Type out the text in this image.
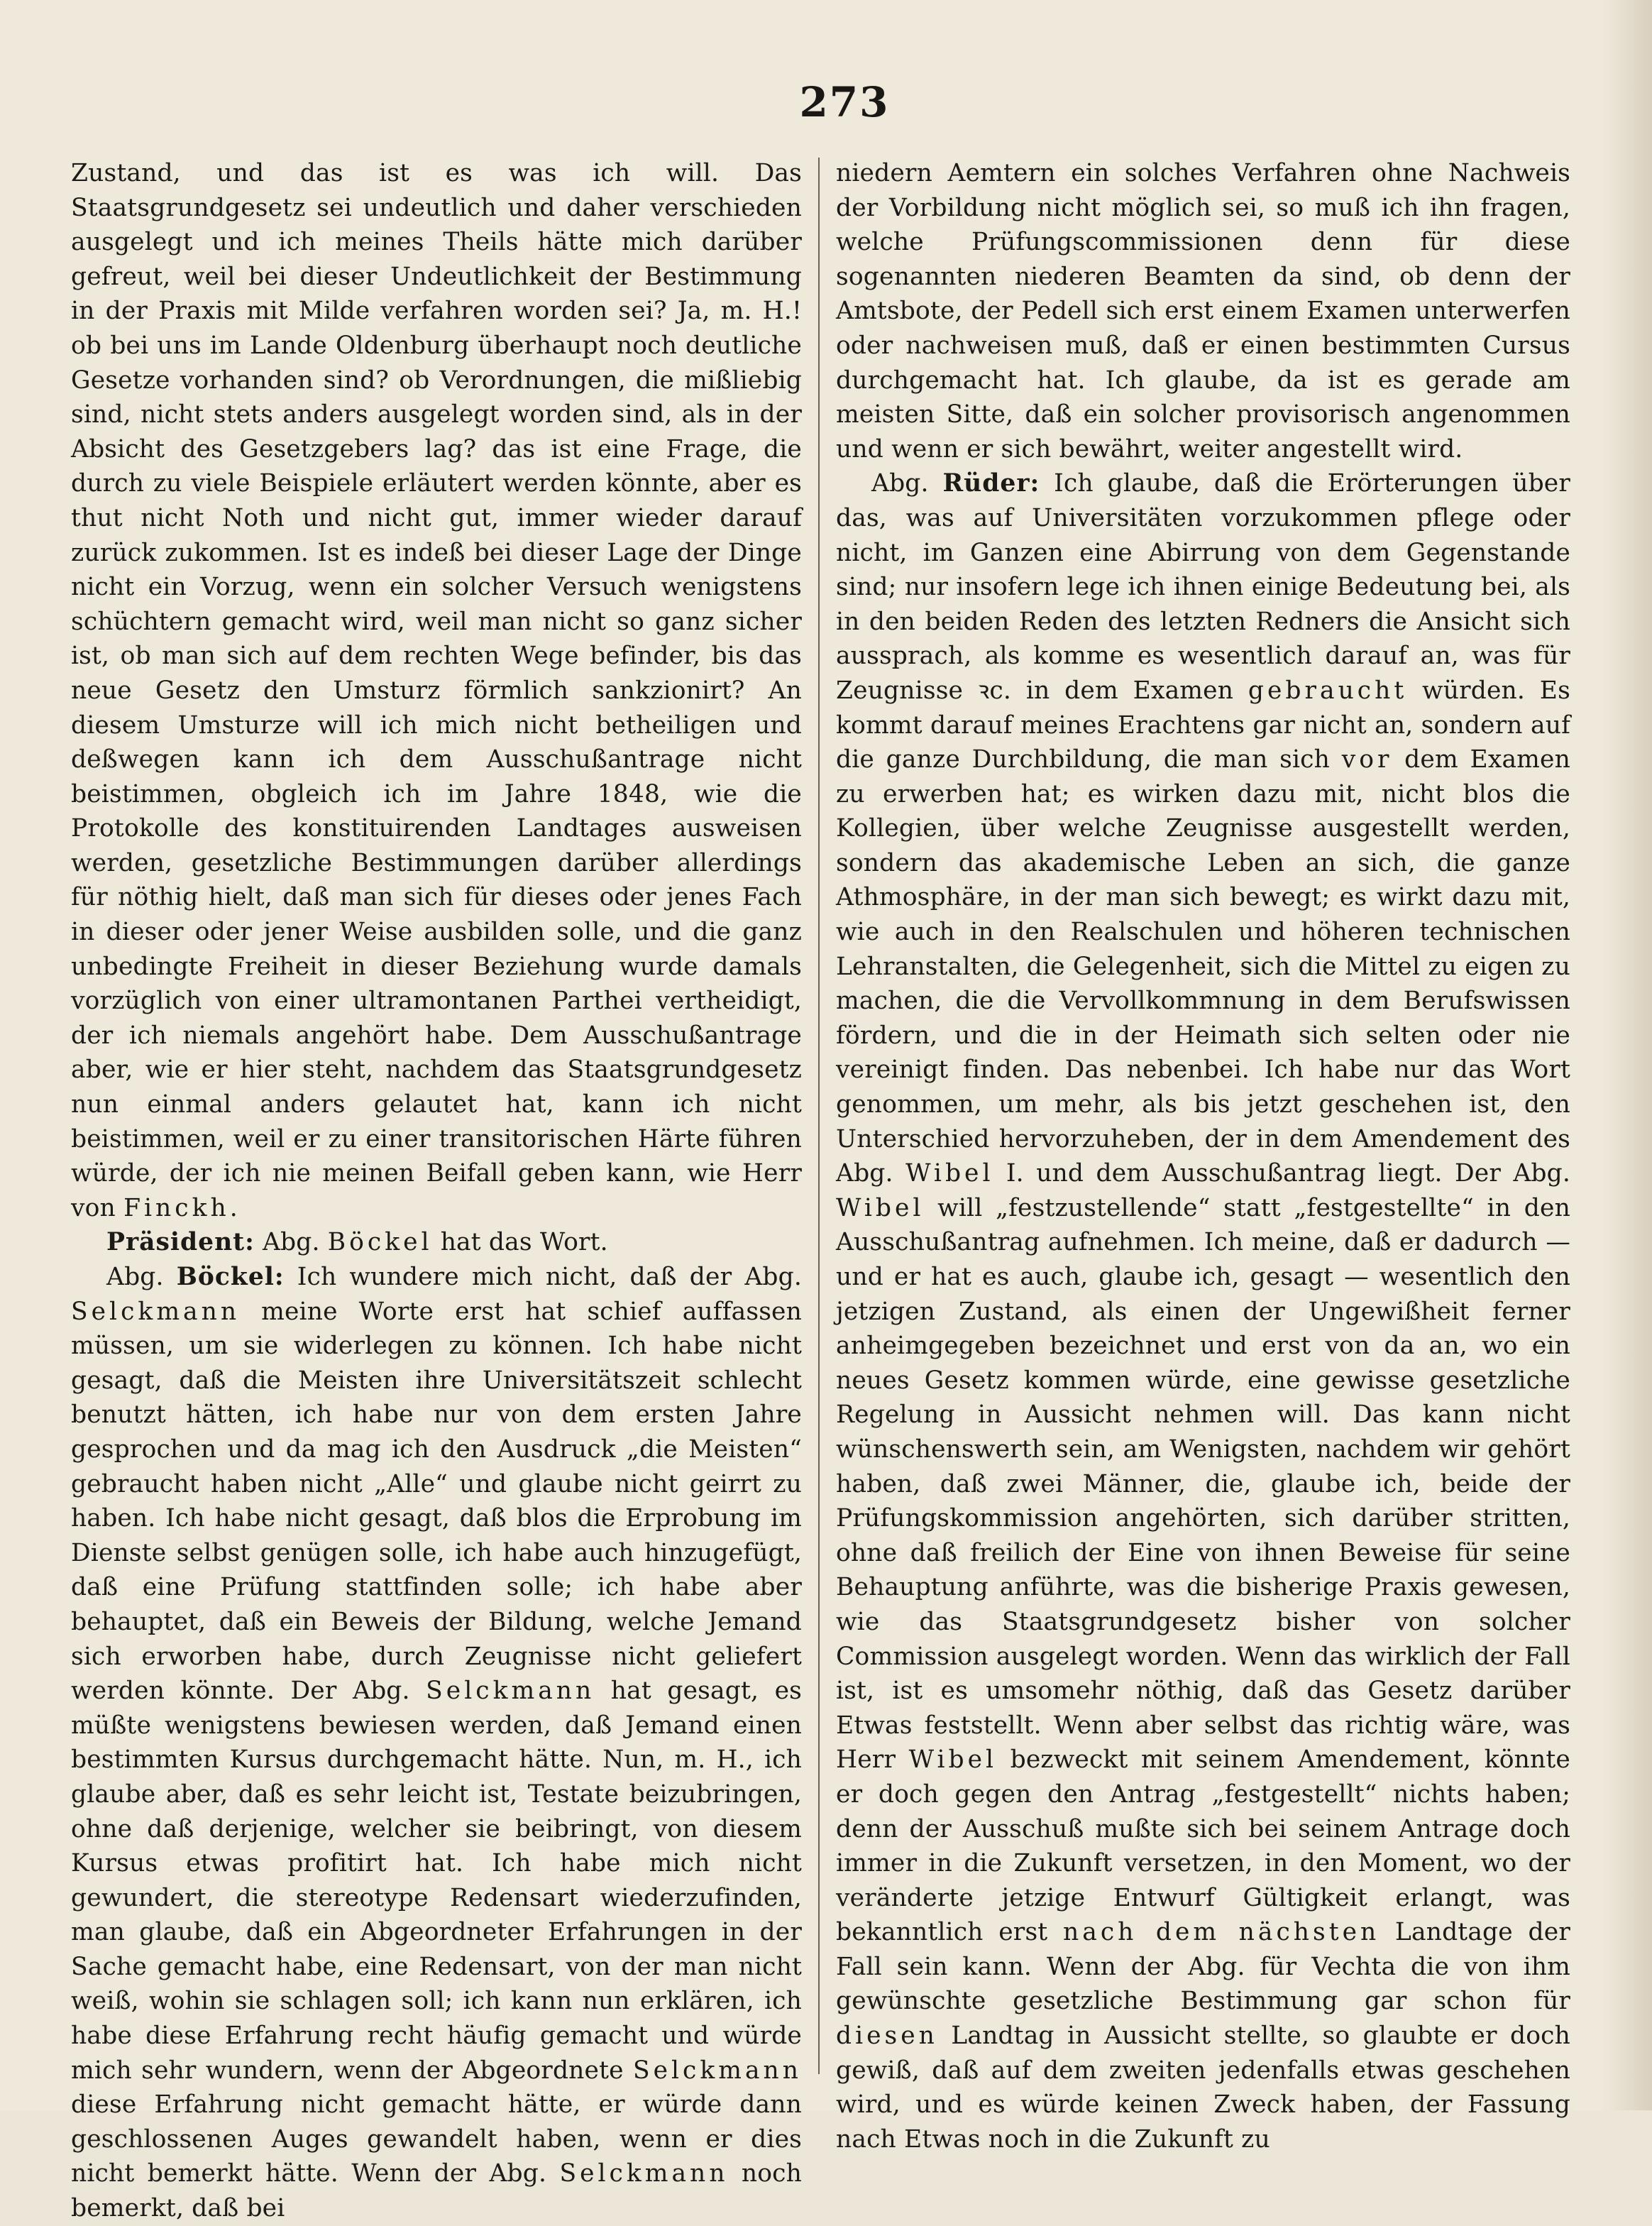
273

Zustand, und das ist es was ich will. Das Staatsgrundgesetz sei undeutlich und daher verschieden ausgelegt und ich meines Theils hätte mich darüber gefreut, weil bei dieser Undeutlichkeit der Bestimmung in der Praxis mit Milde verfahren worden sei? Ja, m. H.! ob bei uns im Lande Oldenburg überhaupt noch deutliche Gesetze vorhanden sind? ob Verordnungen, die mißliebig sind, nicht stets anders ausgelegt worden sind, als in der Absicht des Gesetzgebers lag? das ist eine Frage, die durch zu viele Beispiele erläutert werden könnte, aber es thut nicht Noth und nicht gut, immer wieder darauf zurück zukommen. Ist es indeß bei dieser Lage der Dinge nicht ein Vorzug, wenn ein solcher Versuch wenigstens schüchtern gemacht wird, weil man nicht so ganz sicher ist, ob man sich auf dem rechten Wege befinder, bis das neue Gesetz den Umsturz förmlich sankzionirt? An diesem Umsturze will ich mich nicht betheiligen und deßwegen kann ich dem Ausschußantrage nicht beistimmen, obgleich ich im Jahre 1848, wie die Protokolle des konstituirenden Landtages ausweisen werden, gesetzliche Bestimmungen darüber allerdings für nöthig hielt, daß man sich für dieses oder jenes Fach in dieser oder jener Weise ausbilden solle, und die ganz unbedingte Freiheit in dieser Beziehung wurde damals vorzüglich von einer ultramontanen Parthei vertheidigt, der ich niemals angehört habe. Dem Ausschußantrage aber, wie er hier steht, nachdem das Staatsgrundgesetz nun einmal anders gelautet hat, kann ich nicht beistimmen, weil er zu einer transitorischen Härte führen würde, der ich nie meinen Beifall geben kann, wie Herr von Finckh.

Präsident: Abg. Böckel hat das Wort.

Abg. Böckel: Ich wundere mich nicht, daß der Abg. Selckmann meine Worte erst hat schief auffassen müssen, um sie widerlegen zu können. Ich habe nicht gesagt, daß die Meisten ihre Universitätszeit schlecht benutzt hätten, ich habe nur von dem ersten Jahre gesprochen und da mag ich den Ausdruck „die Meisten“ gebraucht haben nicht „Alle“ und glaube nicht geirrt zu haben. Ich habe nicht gesagt, daß blos die Erprobung im Dienste selbst genügen solle, ich habe auch hinzugefügt, daß eine Prüfung stattfinden solle; ich habe aber behauptet, daß ein Beweis der Bildung, welche Jemand sich erworben habe, durch Zeugnisse nicht geliefert werden könnte. Der Abg. Selckmann hat gesagt, es müßte wenigstens bewiesen werden, daß Jemand einen bestimmten Kursus durchgemacht hätte. Nun, m. H., ich glaube aber, daß es sehr leicht ist, Testate beizubringen, ohne daß derjenige, welcher sie beibringt, von diesem Kursus etwas profitirt hat. Ich habe mich nicht gewundert, die stereotype Redensart wiederzufinden, man glaube, daß ein Abgeordneter Erfahrungen in der Sache gemacht habe, eine Redensart, von der man nicht weiß, wohin sie schlagen soll; ich kann nun erklären, ich habe diese Erfahrung recht häufig gemacht und würde mich sehr wundern, wenn der Abgeordnete Selckmann diese Erfahrung nicht gemacht hätte, er würde dann geschlossenen Auges gewandelt haben, wenn er dies nicht bemerkt hätte. Wenn der Abg. Selckmann noch bemerkt, daß bei

niedern Aemtern ein solches Verfahren ohne Nachweis der Vorbildung nicht möglich sei, so muß ich ihn fragen, welche Prüfungscommissionen denn für diese sogenannten niederen Beamten da sind, ob denn der Amtsbote, der Pedell sich erst einem Examen unterwerfen oder nachweisen muß, daß er einen bestimmten Cursus durchgemacht hat. Ich glaube, da ist es gerade am meisten Sitte, daß ein solcher provisorisch angenommen und wenn er sich bewährt, weiter angestellt wird.

Abg. Rüder: Ich glaube, daß die Erörterungen über das, was auf Universitäten vorzukommen pflege oder nicht, im Ganzen eine Abirrung von dem Gegenstande sind; nur insofern lege ich ihnen einige Bedeutung bei, als in den beiden Reden des letzten Redners die Ansicht sich aussprach, als komme es wesentlich darauf an, was für Zeugnisse ꝛc. in dem Examen gebraucht würden. Es kommt darauf meines Erachtens gar nicht an, sondern auf die ganze Durchbildung, die man sich vor dem Examen zu erwerben hat; es wirken dazu mit, nicht blos die Kollegien, über welche Zeugnisse ausgestellt werden, sondern das akademische Leben an sich, die ganze Athmosphäre, in der man sich bewegt; es wirkt dazu mit, wie auch in den Realschulen und höheren technischen Lehranstalten, die Gelegenheit, sich die Mittel zu eigen zu machen, die die Vervollkommnung in dem Berufswissen fördern, und die in der Heimath sich selten oder nie vereinigt finden. Das nebenbei. Ich habe nur das Wort genommen, um mehr, als bis jetzt geschehen ist, den Unterschied hervorzuheben, der in dem Amendement des Abg. Wibel I. und dem Ausschußantrag liegt. Der Abg. Wibel will „festzustellende“ statt „festgestellte“ in den Ausschußantrag aufnehmen. Ich meine, daß er dadurch — und er hat es auch, glaube ich, gesagt — wesentlich den jetzigen Zustand, als einen der Ungewißheit ferner anheimgegeben bezeichnet und erst von da an, wo ein neues Gesetz kommen würde, eine gewisse gesetzliche Regelung in Aussicht nehmen will. Das kann nicht wünschenswerth sein, am Wenigsten, nachdem wir gehört haben, daß zwei Männer, die, glaube ich, beide der Prüfungskommission angehörten, sich darüber stritten, ohne daß freilich der Eine von ihnen Beweise für seine Behauptung anführte, was die bisherige Praxis gewesen, wie das Staatsgrundgesetz bisher von solcher Commission ausgelegt worden. Wenn das wirklich der Fall ist, ist es umsomehr nöthig, daß das Gesetz darüber Etwas feststellt. Wenn aber selbst das richtig wäre, was Herr Wibel bezweckt mit seinem Amendement, könnte er doch gegen den Antrag „festgestellt“ nichts haben; denn der Ausschuß mußte sich bei seinem Antrage doch immer in die Zukunft versetzen, in den Moment, wo der veränderte jetzige Entwurf Gültigkeit erlangt, was bekanntlich erst nach dem nächsten Landtage der Fall sein kann. Wenn der Abg. für Vechta die von ihm gewünschte gesetzliche Bestimmung gar schon für diesen Landtag in Aussicht stellte, so glaubte er doch gewiß, daß auf dem zweiten jedenfalls etwas geschehen wird, und es würde keinen Zweck haben, der Fassung nach Etwas noch in die Zukunft zu
